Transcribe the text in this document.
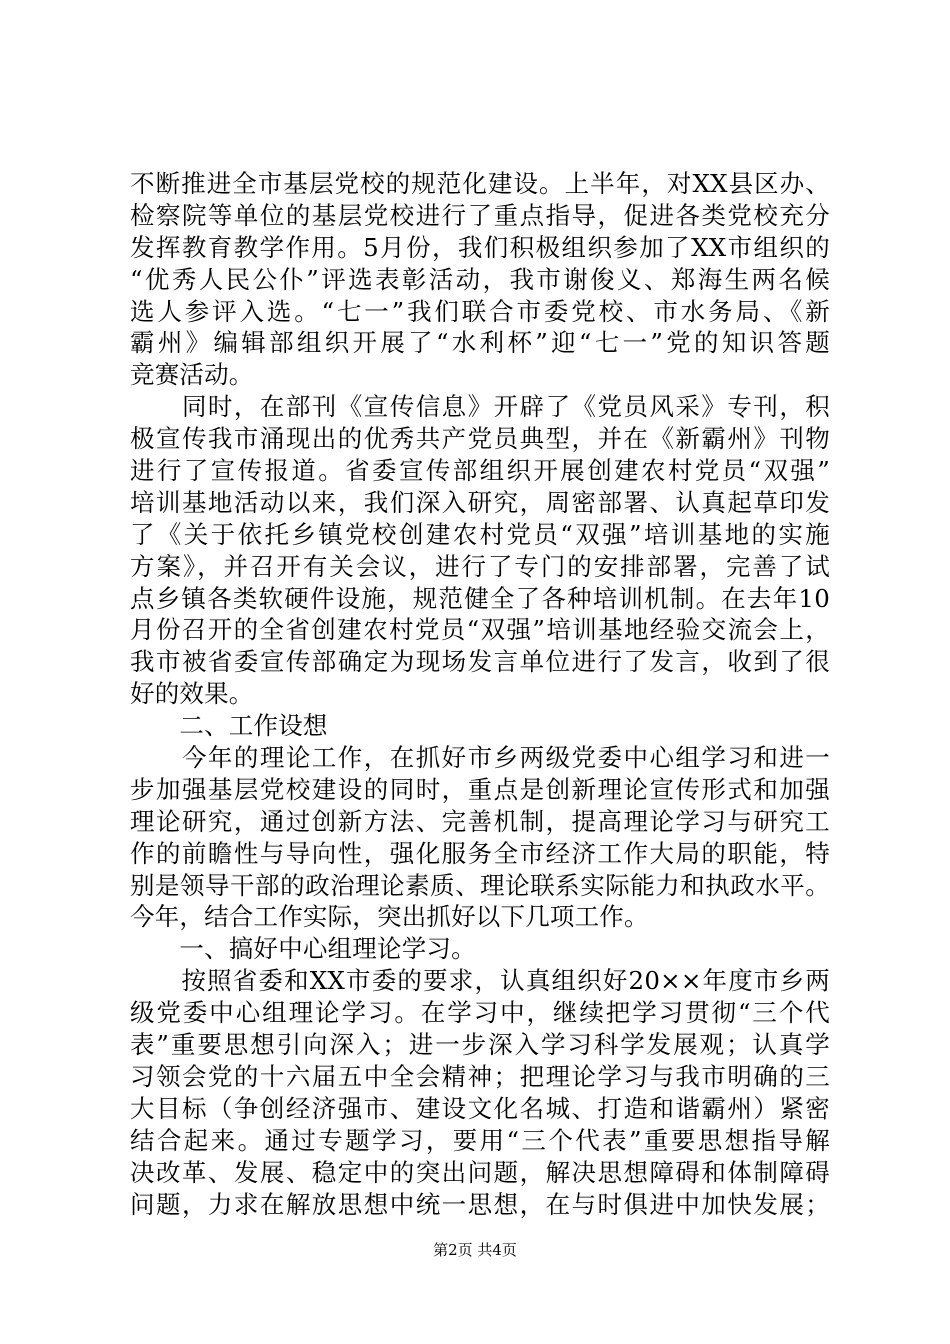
不断推进全市基层党校的规范化建设。上半年，对XX县区办、
检察院等单位的基层党校进行了重点指导，促进各类党校充分
发挥教育教学作用。5月份，我们积极组织参加了XX市组织的
“优秀人民公仆”评选表彰活动，我市谢俊义、郑海生两名候
选人参评入选。“七一”我们联合市委党校、市水务局、《新
霸州》编辑部组织开展了“水利杯”迎“七一”党的知识答题
竞赛活动。
　　同时，在部刊《宣传信息》开辟了《党员风采》专刊，积
极宣传我市涌现出的优秀共产党员典型，并在《新霸州》刊物
进行了宣传报道。省委宣传部组织开展创建农村党员“双强”
培训基地活动以来，我们深入研究，周密部署、认真起草印发
了《关于依托乡镇党校创建农村党员“双强”培训基地的实施
方案》，并召开有关会议，进行了专门的安排部署，完善了试
点乡镇各类软硬件设施，规范健全了各种培训机制。在去年10
月份召开的全省创建农村党员“双强”培训基地经验交流会上，
我市被省委宣传部确定为现场发言单位进行了发言，收到了很
好的效果。
　　二、工作设想
　　今年的理论工作，在抓好市乡两级党委中心组学习和进一
步加强基层党校建设的同时，重点是创新理论宣传形式和加强
理论研究，通过创新方法、完善机制，提高理论学习与研究工
作的前瞻性与导向性，强化服务全市经济工作大局的职能，特
别是领导干部的政治理论素质、理论联系实际能力和执政水平。
今年，结合工作实际，突出抓好以下几项工作。
　　一、搞好中心组理论学习。
　　按照省委和XX市委的要求，认真组织好20××年度市乡两
级党委中心组理论学习。在学习中，继续把学习贯彻“三个代
表”重要思想引向深入；进一步深入学习科学发展观；认真学
习领会党的十六届五中全会精神；把理论学习与我市明确的三
大目标（争创经济强市、建设文化名城、打造和谐霸州）紧密
结合起来。通过专题学习，要用“三个代表”重要思想指导解
决改革、发展、稳定中的突出问题，解决思想障碍和体制障碍
问题，力求在解放思想中统一思想，在与时俱进中加快发展；
第2页 共4页
